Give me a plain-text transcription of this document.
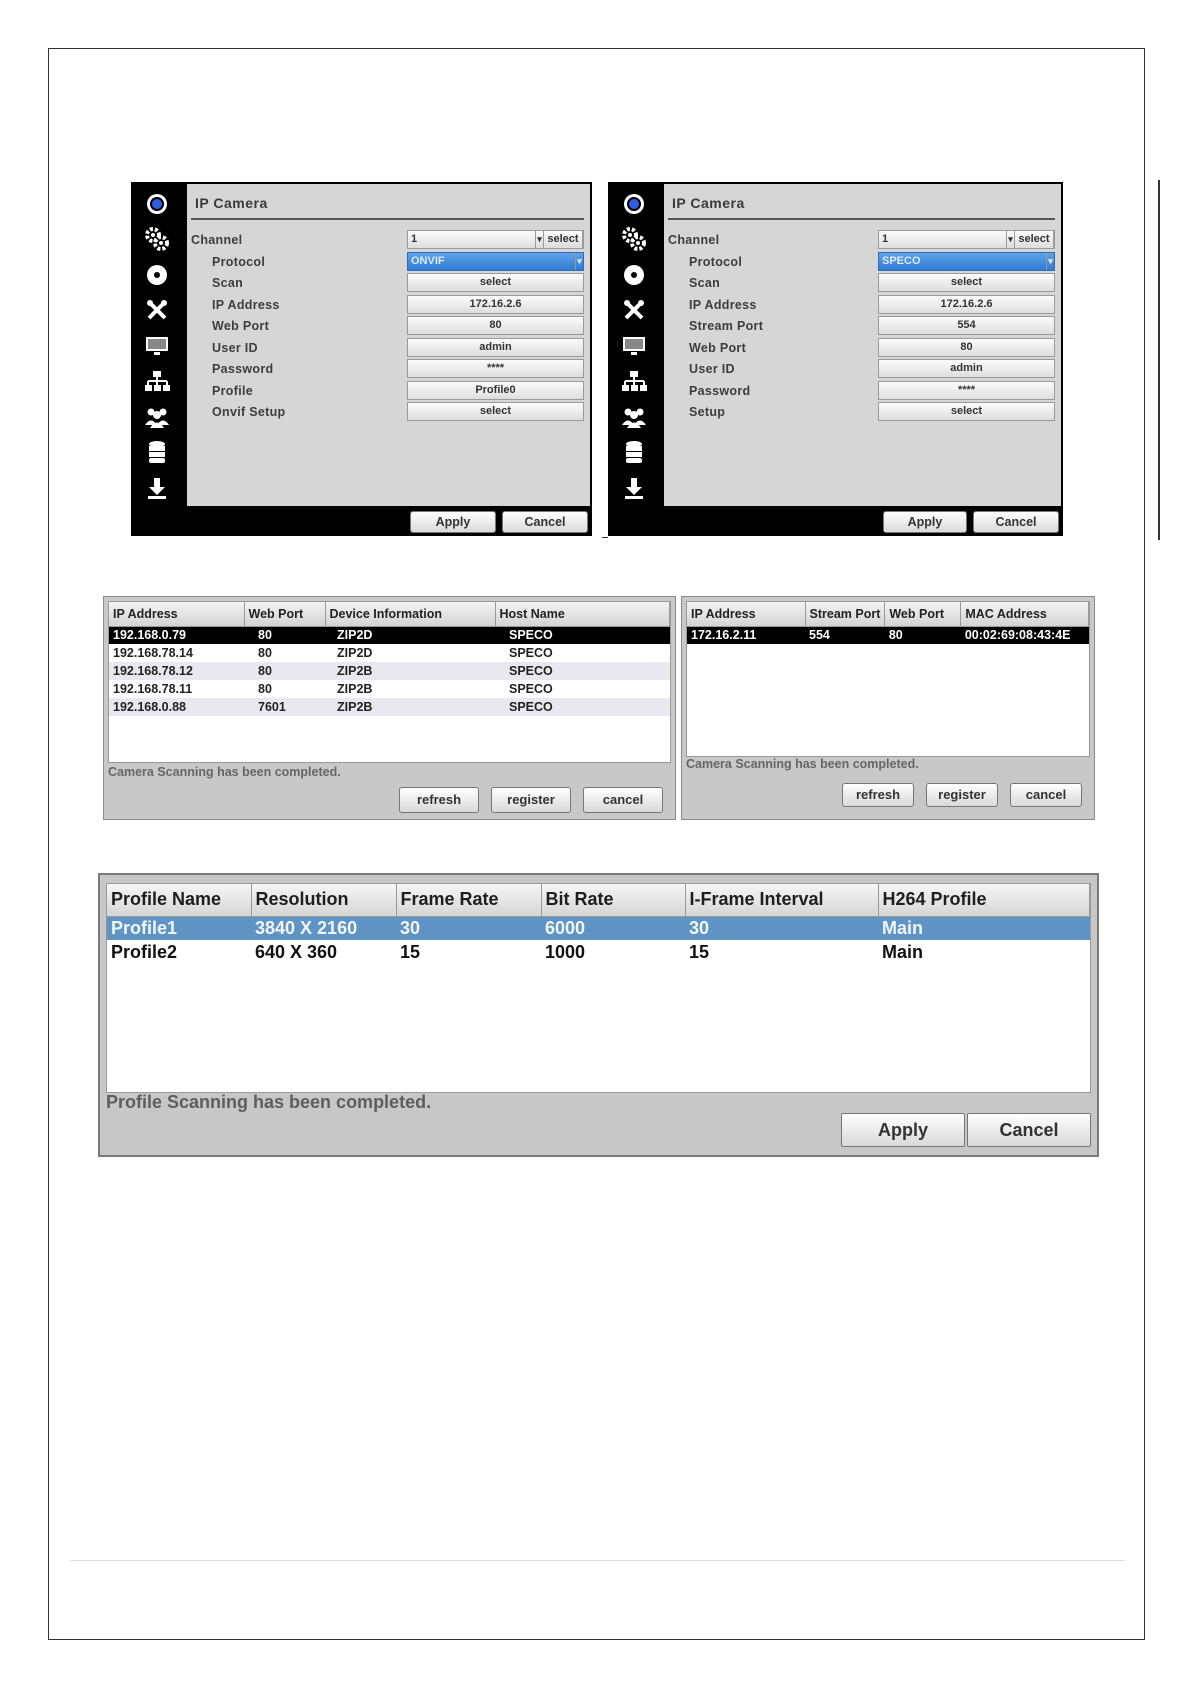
IP Camera
Channel	1	▾ select
Protocol	ONVIF	▾
Scan	select
IP Address	172.16.2.6
Web Port	80
User ID	admin
Password	****
Profile	Profile0
Onvif Setup	select
Apply	Cancel
IP Camera
Channel	1	▾ select
Protocol	SPECO	▾
Scan	select
IP Address	172.16.2.6
Stream Port	554
Web Port	80
User ID	admin
Password	****
Setup	select
Apply	Cancel
IP Address	Web Port	Device Information	Host Name
192.168.0.79	80	ZIP2D	SPECO
192.168.78.14	80	ZIP2D	SPECO
192.168.78.12	80	ZIP2B	SPECO
192.168.78.11	80	ZIP2B	SPECO
192.168.0.88	7601	ZIP2B	SPECO
Camera Scanning has been completed.
refresh	register	cancel
IP Address	Stream Port	Web Port	MAC Address
172.16.2.11	554	80	00:02:69:08:43:4E
Camera Scanning has been completed.
refresh	register	cancel
Profile Name	Resolution	Frame Rate	Bit Rate	I-Frame Interval	H264 Profile
Profile1	3840 X 2160	30	6000	30	Main
Profile2	640 X 360	15	1000	15	Main
Profile Scanning has been completed.
Apply	Cancel
